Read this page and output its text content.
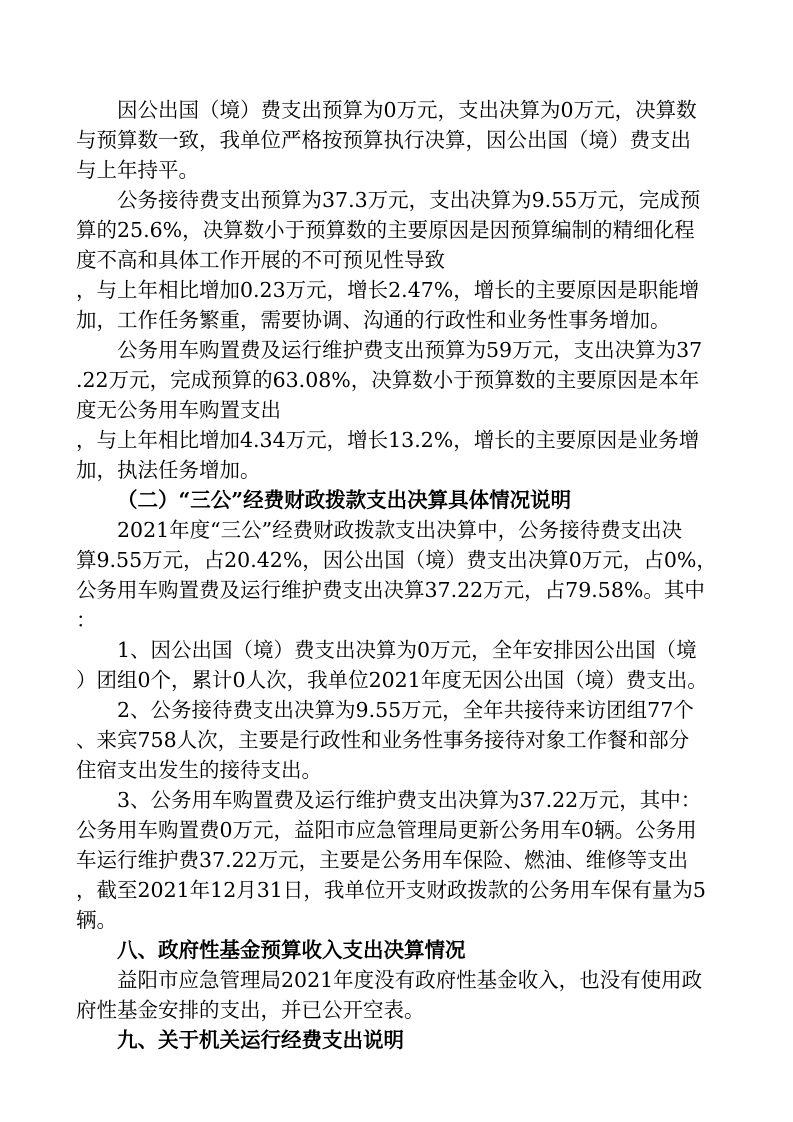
因公出国（境）费支出预算为0万元，支出决算为0万元，决算数
与预算数一致，我单位严格按预算执行决算，因公出国（境）费支出
与上年持平。
公务接待费支出预算为37.3万元，支出决算为9.55万元，完成预
算的25.6%，决算数小于预算数的主要原因是因预算编制的精细化程
度不高和具体工作开展的不可预见性导致
，与上年相比增加0.23万元，增长2.47%，增长的主要原因是职能增
加，工作任务繁重，需要协调、沟通的行政性和业务性事务增加。
公务用车购置费及运行维护费支出预算为59万元，支出决算为37
.22万元，完成预算的63.08%，决算数小于预算数的主要原因是本年
度无公务用车购置支出
，与上年相比增加4.34万元，增长13.2%，增长的主要原因是业务增
加，执法任务增加。
（二）“三公”经费财政拨款支出决算具体情况说明
2021年度“三公”经费财政拨款支出决算中，公务接待费支出决
算9.55万元，占20.42%，因公出国（境）费支出决算0万元，占0%，
公务用车购置费及运行维护费支出决算37.22万元，占79.58%。其中
：
1、因公出国（境）费支出决算为0万元，全年安排因公出国（境
）团组0个，累计0人次，我单位2021年度无因公出国（境）费支出。
2、公务接待费支出决算为9.55万元，全年共接待来访团组77个
、来宾758人次，主要是行政性和业务性事务接待对象工作餐和部分
住宿支出发生的接待支出。
3、公务用车购置费及运行维护费支出决算为37.22万元，其中：
公务用车购置费0万元，益阳市应急管理局更新公务用车0辆。公务用
车运行维护费37.22万元，主要是公务用车保险、燃油、维修等支出
，截至2021年12月31日，我单位开支财政拨款的公务用车保有量为5
辆。
八、政府性基金预算收入支出决算情况
益阳市应急管理局2021年度没有政府性基金收入，也没有使用政
府性基金安排的支出，并已公开空表。
九、关于机关运行经费支出说明
